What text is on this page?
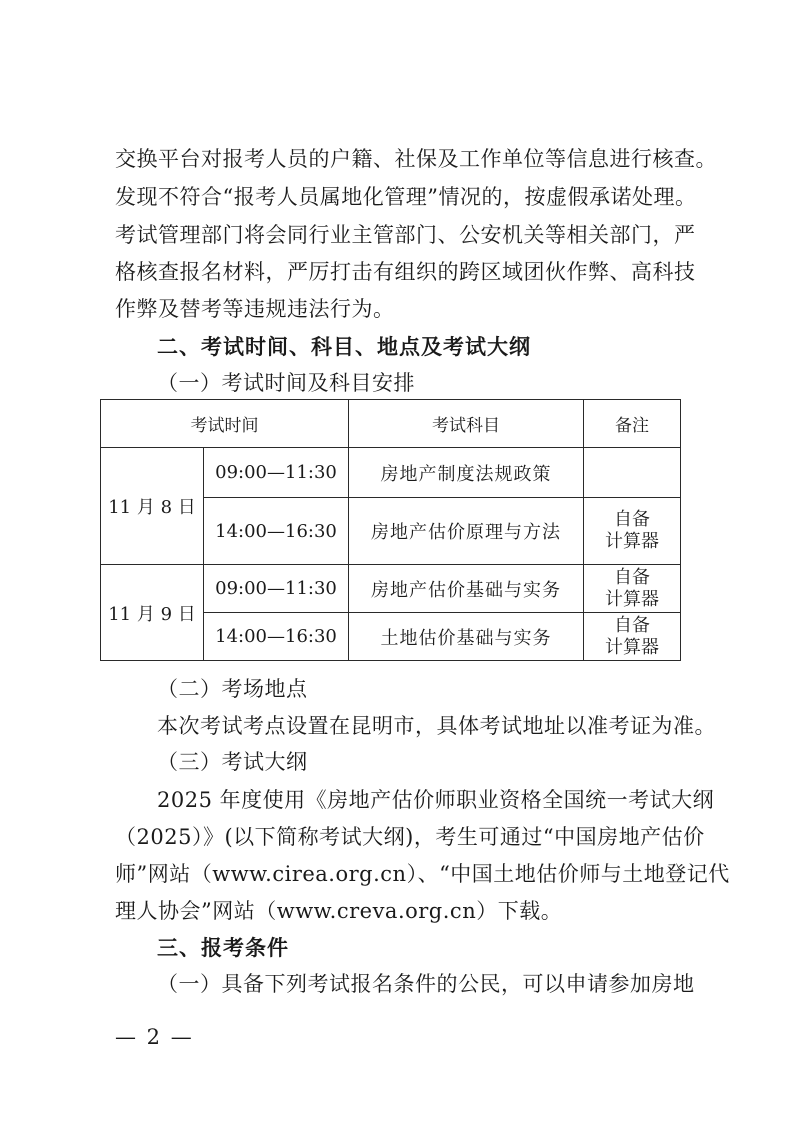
交换平台对报考人员的户籍、社保及工作单位等信息进行核查。
发现不符合“报考人员属地化管理”情况的，按虚假承诺处理。
考试管理部门将会同行业主管部门、公安机关等相关部门，严
格核查报名材料，严厉打击有组织的跨区域团伙作弊、高科技
作弊及替考等违规违法行为。
二、考试时间、科目、地点及考试大纲
（一）考试时间及科目安排
考试时间		考试科目	备注
11 月 8 日	09:00—11:30	房地产制度法规政策	
	14:00—16:30	房地产估价原理与方法	自备
计算器

11 月 9 日	09:00—11:30	房地产估价基础与实务	自备
计算器

	14:00—16:30	土地估价基础与实务	自备
计算器
（二）考场地点
本次考试考点设置在昆明市，具体考试地址以准考证为准。
（三）考试大纲
2025 年度使用《房地产估价师职业资格全国统一考试大纲
（2025）》(以下简称考试大纲)，考生可通过“中国房地产估价
师”网站（www.cirea.org.cn）、“中国土地估价师与土地登记代
理人协会”网站（www.creva.org.cn）下载。
三、报考条件
（一）具备下列考试报名条件的公民，可以申请参加房地
— 2 —
